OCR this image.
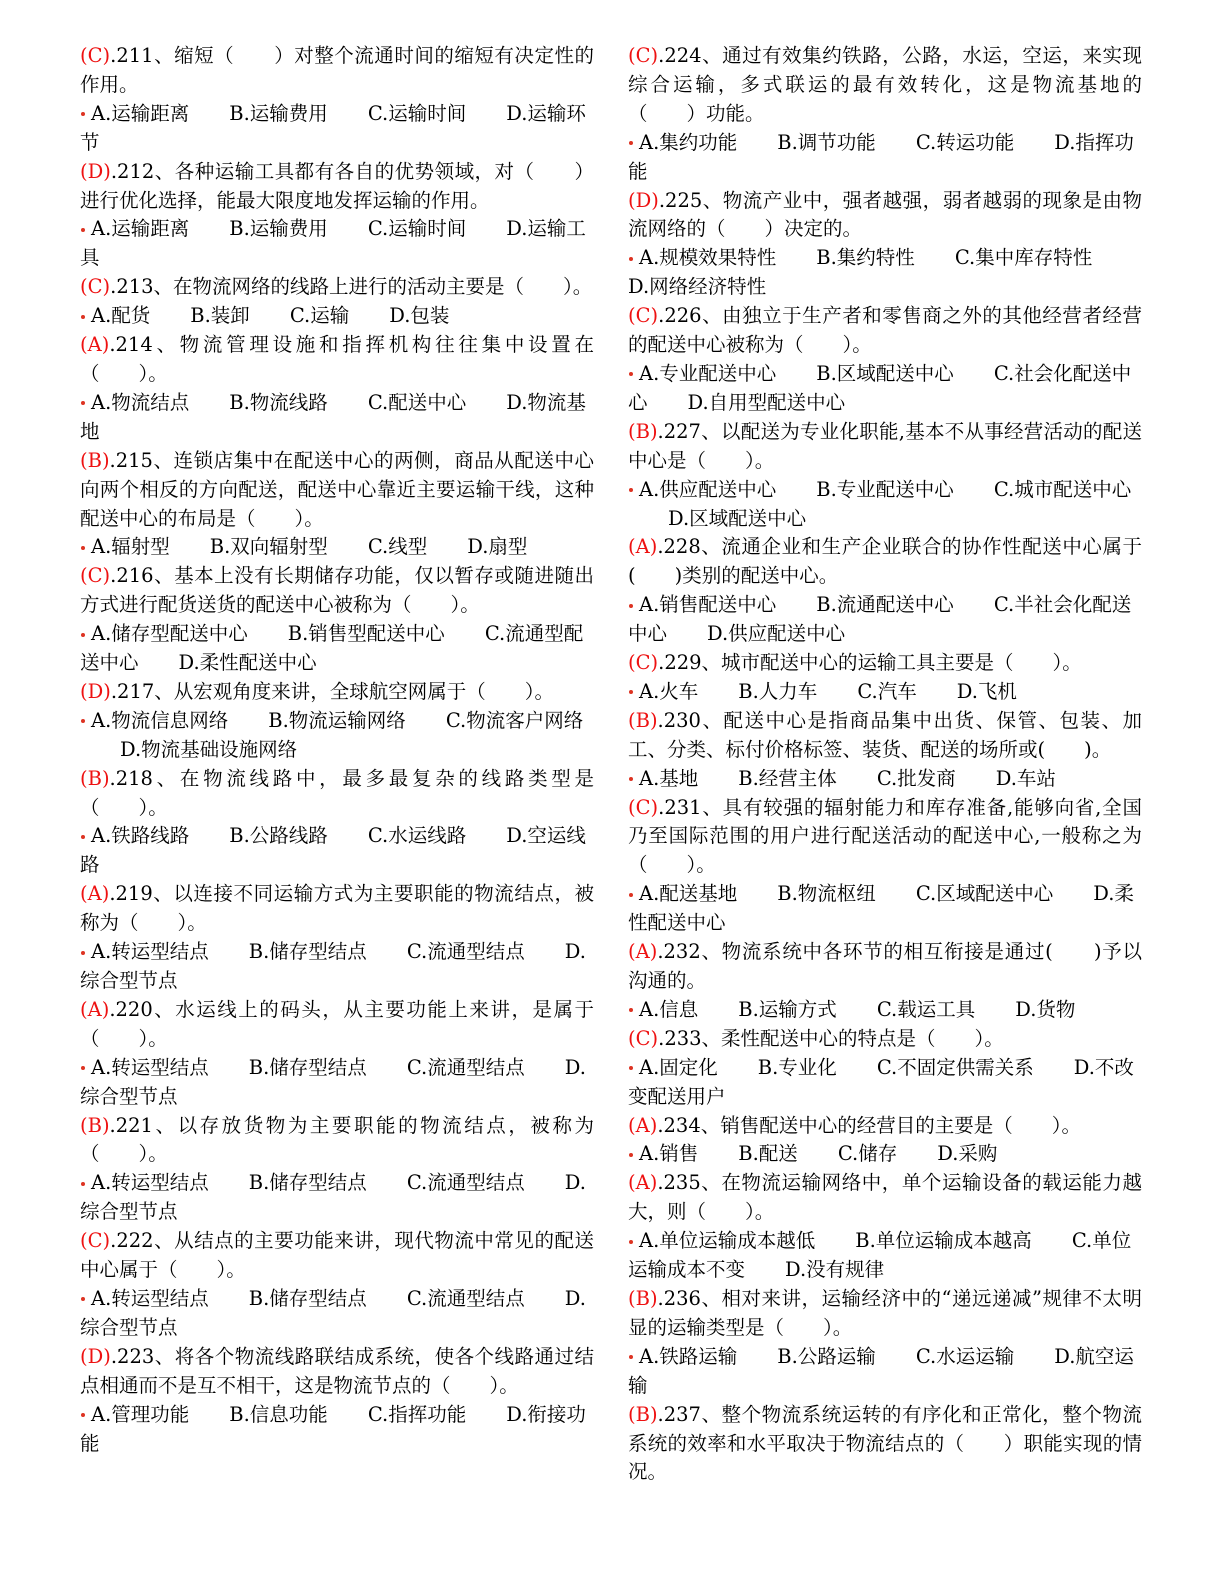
(C).211、缩短（　　）对整个流通时间的缩短有决定性的作用。

A.运输距离 B.运输费用 C.运输时间 D.运输环节

(D).212、各种运输工具都有各自的优势领域，对（　　）进行优化选择，能最大限度地发挥运输的作用。

A.运输距离 B.运输费用 C.运输时间 D.运输工具

(C).213、在物流网络的线路上进行的活动主要是（　　）。

A.配货 B.装卸 C.运输 D.包装

(A).214、物流管理设施和指挥机构往往集中设置在（　　）。

A.物流结点 B.物流线路 C.配送中心 D.物流基地

(B).215、连锁店集中在配送中心的两侧，商品从配送中心向两个相反的方向配送，配送中心靠近主要运输干线，这种配送中心的布局是（　　）。

A.辐射型 B.双向辐射型 C.线型 D.扇型

(C).216、基本上没有长期储存功能，仅以暂存或随进随出方式进行配货送货的配送中心被称为（　　）。

A.储存型配送中心 B.销售型配送中心 C.流通型配送中心 D.柔性配送中心

(D).217、从宏观角度来讲，全球航空网属于（　　）。

A.物流信息网络 B.物流运输网络 C.物流客户网络D.物流基础设施网络

(B).218、在物流线路中，最多最复杂的线路类型是（　　）。

A.铁路线路 B.公路线路 C.水运线路 D.空运线路

(A).219、以连接不同运输方式为主要职能的物流结点，被称为（　　）。

A.转运型结点 B.储存型结点 C.流通型结点 D.综合型节点

(A).220、水运线上的码头，从主要功能上来讲，是属于（　　）。

A.转运型结点 B.储存型结点 C.流通型结点 D.综合型节点

(B).221、以存放货物为主要职能的物流结点，被称为（　　）。

A.转运型结点 B.储存型结点 C.流通型结点 D.综合型节点

(C).222、从结点的主要功能来讲，现代物流中常见的配送中心属于（　　）。

A.转运型结点 B.储存型结点 C.流通型结点 D.综合型节点

(D).223、将各个物流线路联结成系统，使各个线路通过结点相通而不是互不相干，这是物流节点的（　　）。

A.管理功能 B.信息功能 C.指挥功能 D.衔接功能

(C).224、通过有效集约铁路，公路，水运，空运，来实现综合运输，多式联运的最有效转化，这是物流基地的（　　）功能。

A.集约功能 B.调节功能 C.转运功能 D.指挥功能

(D).225、物流产业中，强者越强，弱者越弱的现象是由物流网络的（　　）决定的。

A.规模效果特性 B.集约特性 C.集中库存特性D.网络经济特性

(C).226、由独立于生产者和零售商之外的其他经营者经营的配送中心被称为（　　）。

A.专业配送中心 B.区域配送中心 C.社会化配送中心 D.自用型配送中心

(B).227、以配送为专业化职能,基本不从事经营活动的配送中心是（　　）。

A.供应配送中心 B.专业配送中心 C.城市配送中心D.区域配送中心

(A).228、流通企业和生产企业联合的协作性配送中心属于(　　)类别的配送中心。

A.销售配送中心 B.流通配送中心 C.半社会化配送中心 D.供应配送中心

(C).229、城市配送中心的运输工具主要是（　　）。

A.火车 B.人力车 C.汽车 D.飞机

(B).230、配送中心是指商品集中出货、保管、包装、加工、分类、标付价格标签、装货、配送的场所或(　　)。

A.基地 B.经营主体 C.批发商 D.车站

(C).231、具有较强的辐射能力和库存准备,能够向省,全国乃至国际范围的用户进行配送活动的配送中心,一般称之为（　　）。

A.配送基地 B.物流枢纽 C.区域配送中心 D.柔性配送中心

(A).232、物流系统中各环节的相互衔接是通过(　　)予以沟通的。

A.信息 B.运输方式 C.载运工具 D.货物

(C).233、柔性配送中心的特点是（　　）。

A.固定化 B.专业化 C.不固定供需关系 D.不改变配送用户

(A).234、销售配送中心的经营目的主要是（　　）。

A.销售 B.配送 C.储存 D.采购

(A).235、在物流运输网络中，单个运输设备的载运能力越大，则（　　）。

A.单位运输成本越低 B.单位运输成本越高 C.单位运输成本不变 D.没有规律

(B).236、相对来讲，运输经济中的“递远递减”规律不太明显的运输类型是（　　）。

A.铁路运输 B.公路运输 C.水运运输 D.航空运输

(B).237、整个物流系统运转的有序化和正常化，整个物流系统的效率和水平取决于物流结点的（　　）职能实现的情况。
